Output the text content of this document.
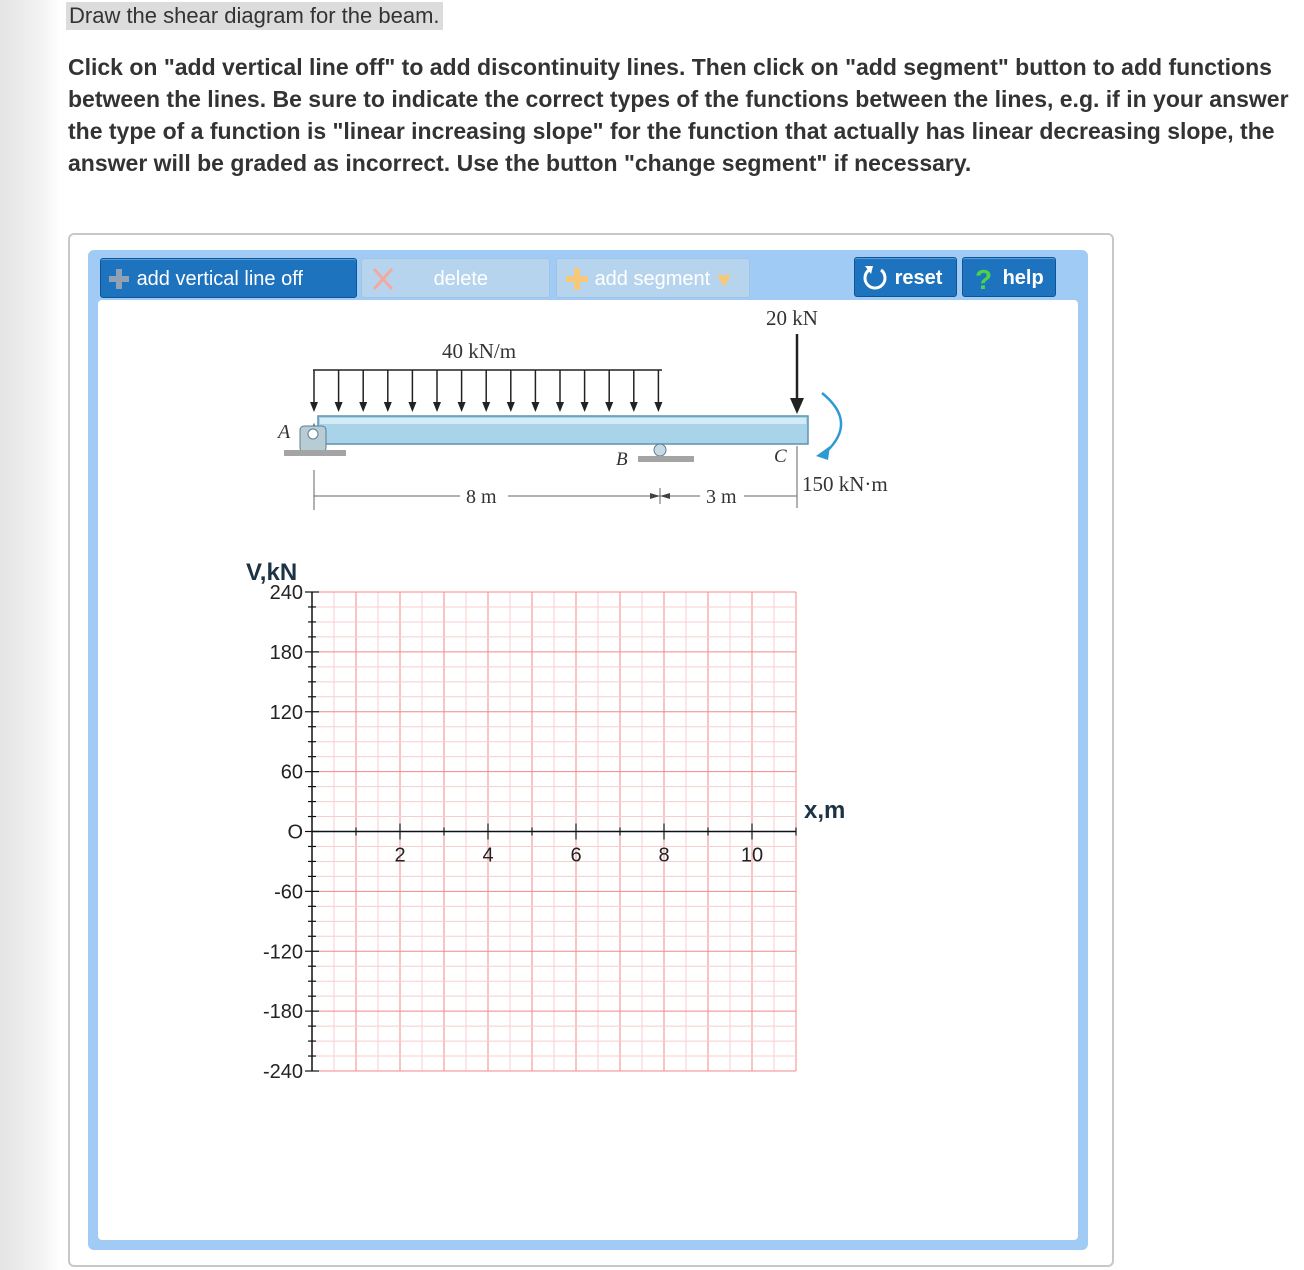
Draw the shear diagram for the beam.
Click on "add vertical line off" to add discontinuity lines. Then click on "add segment" button to add functions between the lines. Be sure to indicate the correct types of the functions between the lines, e.g. if in your answer the type of a function is "linear increasing slope" for the function that actually has linear decreasing slope, the answer will be graded as incorrect. Use the button "change segment" if necessary.
add vertical line off	delete	add segment	reset	? help
40 kN/m
20 kN
150 kN·m
A
B	C
8 m	3 m
240
180
120
60
O
-60
-120
-180
-240
2	4	6	8	10
V,kN
x,m
